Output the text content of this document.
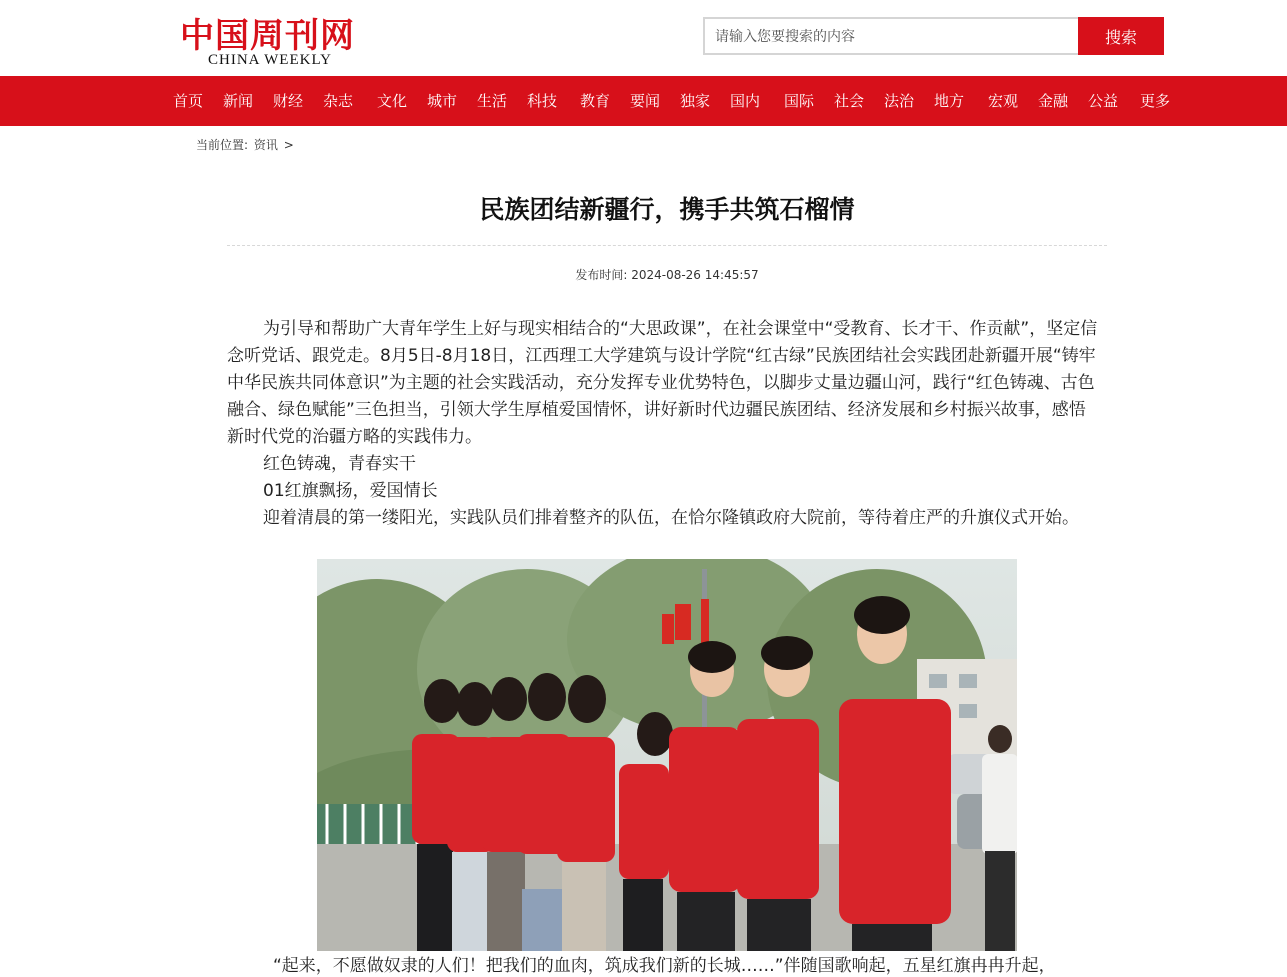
中国周刊网
CHINA WEEKLY
请输入您要搜索的内容
搜索
首页 新闻 财经 杂志 文化 城市 生活 科技 教育 要闻 独家 国内 国际 社会 法治 地方 宏观 金融 公益 更多
当前位置: 资讯 >
民族团结新疆行，携手共筑石榴情
发布时间: 2024-08-26 14:45:57

为引导和帮助广大青年学生上好与现实相结合的“大思政课”，在社会课堂中“受教育、长才干、作贡献”，坚定信念听党话、跟党走。8月5日-8月18日，江西理工大学建筑与设计学院“红古绿”民族团结社会实践团赴新疆开展“铸牢中华民族共同体意识”为主题的社会实践活动，充分发挥专业优势特色，以脚步丈量边疆山河，践行“红色铸魂、古色融合、绿色赋能”三色担当，引领大学生厚植爱国情怀，讲好新时代边疆民族团结、经济发展和乡村振兴故事，感悟新时代党的治疆方略的实践伟力。

红色铸魂，青春实干

01红旗飘扬，爱国情长

迎着清晨的第一缕阳光，实践队员们排着整齐的队伍，在恰尔隆镇政府大院前，等待着庄严的升旗仪式开始。

“起来，不愿做奴隶的人们！把我们的血肉，筑成我们新的长城……”伴随国歌响起，五星红旗冉冉升起，
